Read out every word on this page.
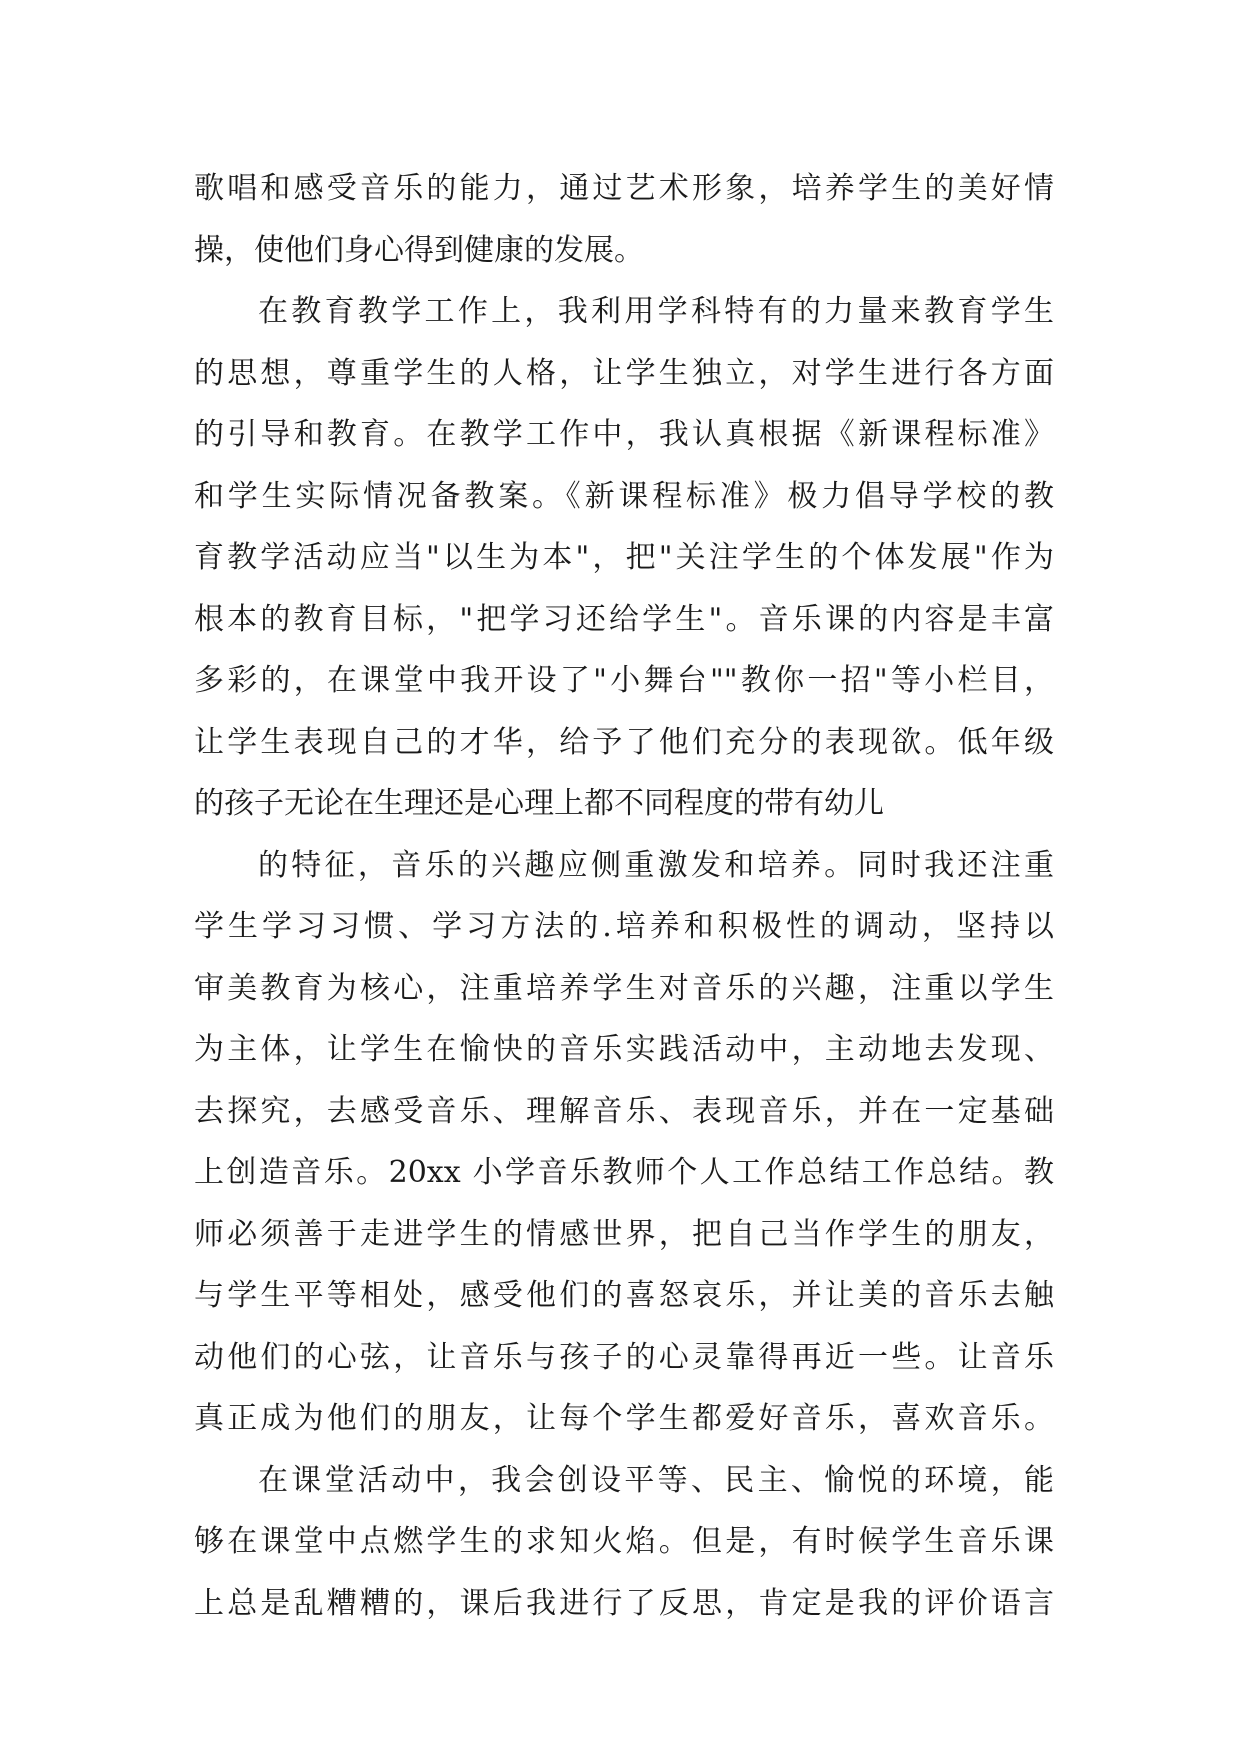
歌唱和感受音乐的能力，通过艺术形象，培养学生的美好情
操，使他们身心得到健康的发展。
在教育教学工作上，我利用学科特有的力量来教育学生
的思想，尊重学生的人格，让学生独立，对学生进行各方面
的引导和教育。在教学工作中，我认真根据《新课程标准》
和学生实际情况备教案。《新课程标准》极力倡导学校的教
育教学活动应当"以生为本"，把"关注学生的个体发展"作为
根本的教育目标，"把学习还给学生"。音乐课的内容是丰富
多彩的，在课堂中我开设了"小舞台""教你一招"等小栏目，
让学生表现自己的才华，给予了他们充分的表现欲。低年级
的孩子无论在生理还是心理上都不同程度的带有幼儿
的特征，音乐的兴趣应侧重激发和培养。同时我还注重
学生学习习惯、学习方法的.培养和积极性的调动，坚持以
审美教育为核心，注重培养学生对音乐的兴趣，注重以学生
为主体，让学生在愉快的音乐实践活动中，主动地去发现、
去探究，去感受音乐、理解音乐、表现音乐，并在一定基础
上创造音乐。20xx 小学音乐教师个人工作总结工作总结。教
师必须善于走进学生的情感世界，把自己当作学生的朋友，
与学生平等相处，感受他们的喜怒哀乐，并让美的音乐去触
动他们的心弦，让音乐与孩子的心灵靠得再近一些。让音乐
真正成为他们的朋友，让每个学生都爱好音乐，喜欢音乐。
在课堂活动中，我会创设平等、民主、愉悦的环境，能
够在课堂中点燃学生的求知火焰。但是，有时候学生音乐课
上总是乱糟糟的，课后我进行了反思，肯定是我的评价语言
